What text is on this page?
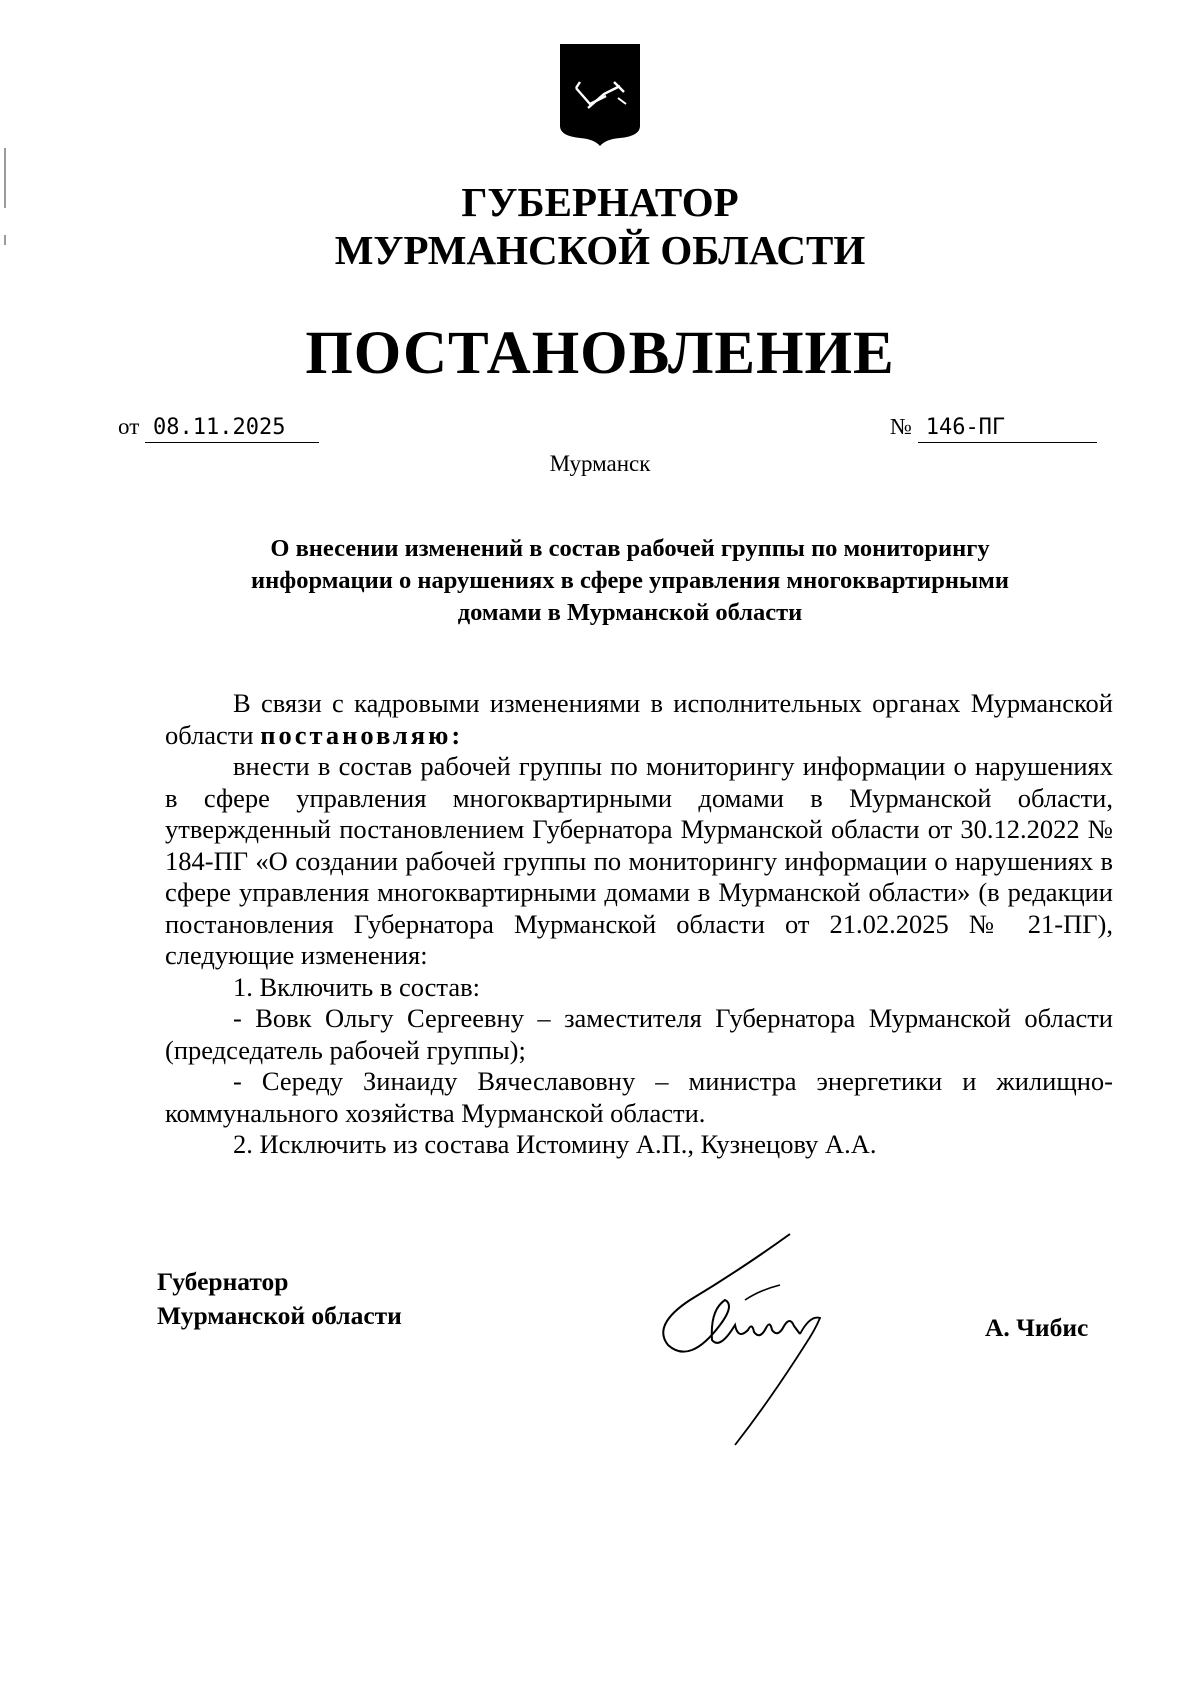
ГУБЕРНАТОР
МУРМАНСКОЙ ОБЛАСТИ
ПОСТАНОВЛЕНИЕ
от 08.11.2025	№ 146-ПГ
Мурманск
О внесении изменений в состав рабочей группы по мониторингу
информации о нарушениях в сфере управления многоквартирными
домами в Мурманской области

В связи с кадровыми изменениями в исполнительных органах Мурманской области постановляю:

внести в состав рабочей группы по мониторингу информации о нарушениях в сфере управления многоквартирными домами в Мурманской области, утвержденный постановлением Губернатора Мурманской области от 30.12.2022 № 184-ПГ «О создании рабочей группы по мониторингу информации о нарушениях в сфере управления многоквартирными домами в Мурманской области» (в редакции постановления Губернатора Мурманской области от 21.02.2025 № 21-ПГ), следующие изменения:

1. Включить в состав:

- Вовк Ольгу Сергеевну – заместителя Губернатора Мурманской области (председатель рабочей группы);

- Середу Зинаиду Вячеславовну – министра энергетики и жилищно-коммунального хозяйства Мурманской области.

2. Исключить из состава Истомину А.П., Кузнецову А.А.

Губернатор
Мурманской области	А. Чибис
